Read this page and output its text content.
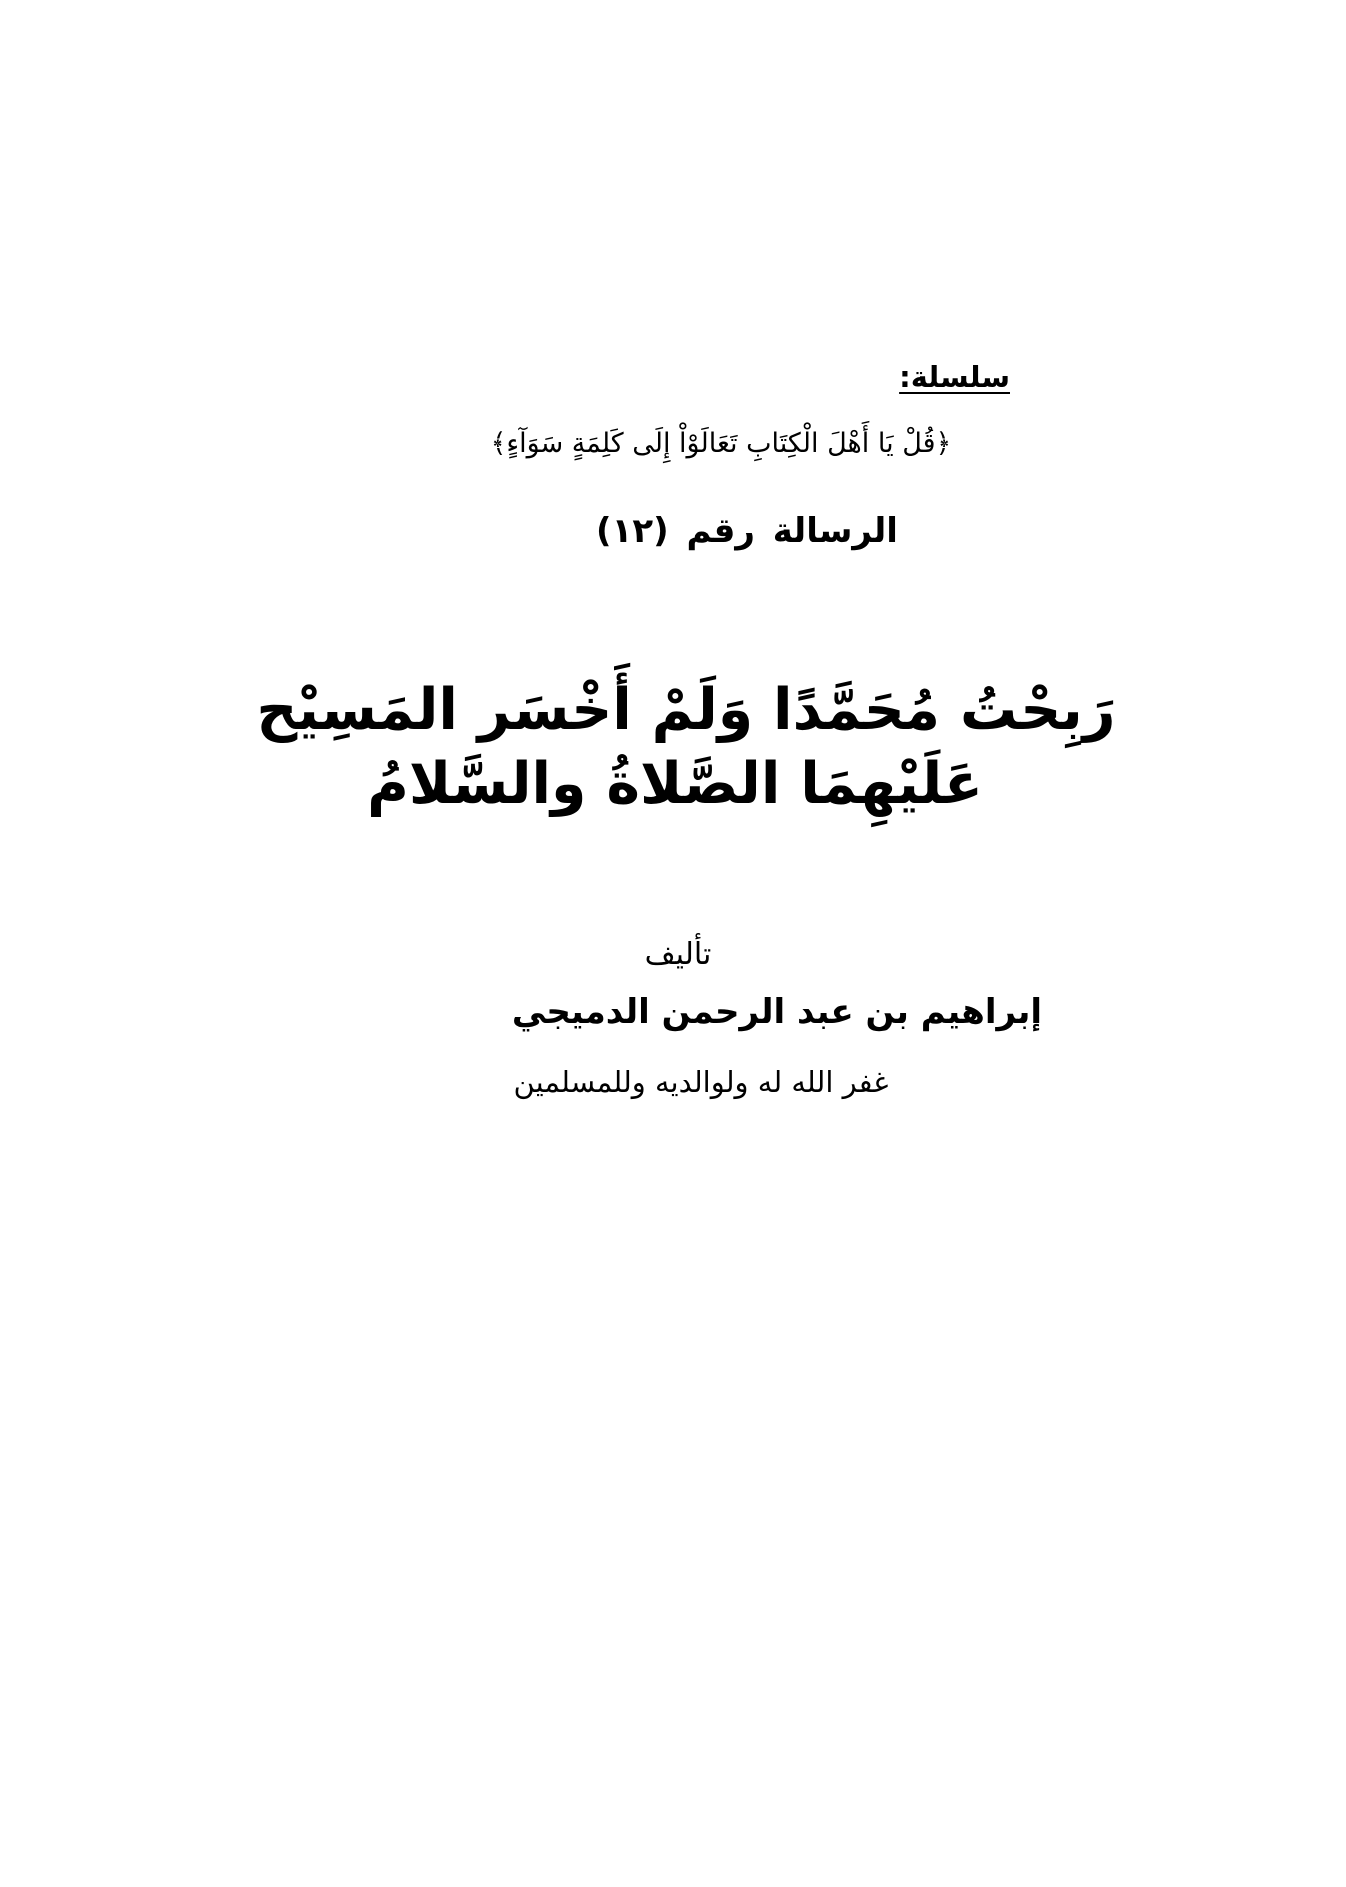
سلسلة:
﴿قُلْ يَا أَهْلَ الْكِتَابِ تَعَالَوْاْ إِلَى كَلِمَةٍ سَوَآءٍ﴾
الرسالة رقم (١٢)
رَبِحْتُ مُحَمَّدًا وَلَمْ أَخْسَر المَسِيْح
عَلَيْهِمَا الصَّلاةُ والسَّلامُ
تأليف
إبراهيم بن عبد الرحمن الدميجي
غفر الله له ولوالديه وللمسلمين
